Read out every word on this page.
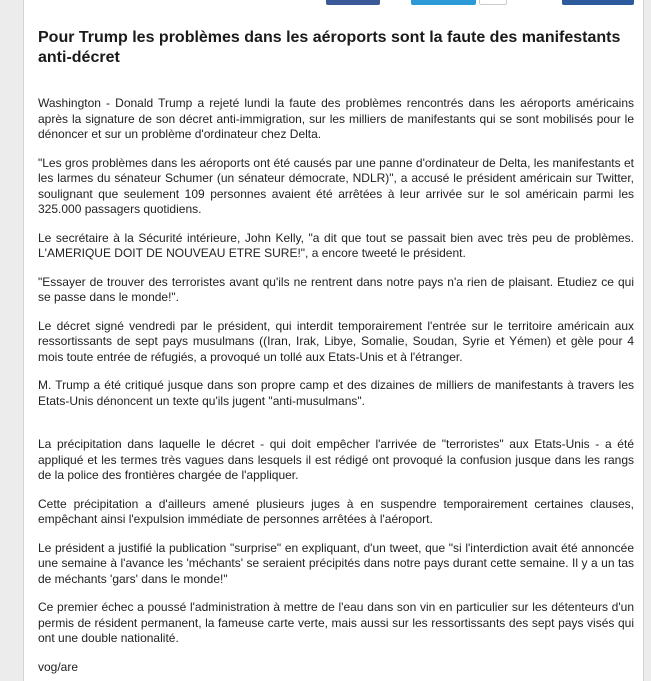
Pour Trump les problèmes dans les aéroports sont la faute des manifestants anti-décret

Washington - Donald Trump a rejeté lundi la faute des problèmes rencontrés dans les aéroports américains après la signature de son décret anti-immigration, sur les milliers de manifestants qui se sont mobilisés pour le dénoncer et sur un problème d'ordinateur chez Delta.

"Les gros problèmes dans les aéroports ont été causés par une panne d'ordinateur de Delta, les manifestants et les larmes du sénateur Schumer (un sénateur démocrate, NDLR)", a accusé le président américain sur Twitter, soulignant que seulement 109 personnes avaient été arrêtées à leur arrivée sur le sol américain parmi les 325.000 passagers quotidiens.

Le secrétaire à la Sécurité intérieure, John Kelly, "a dit que tout se passait bien avec très peu de problèmes. L'AMERIQUE DOIT DE NOUVEAU ETRE SURE!", a encore tweeté le président.

"Essayer de trouver des terroristes avant qu'ils ne rentrent dans notre pays n'a rien de plaisant. Etudiez ce qui se passe dans le monde!".

Le décret signé vendredi par le président, qui interdit temporairement l'entrée sur le territoire américain aux ressortissants de sept pays musulmans ((Iran, Irak, Libye, Somalie, Soudan, Syrie et Yémen) et gèle pour 4 mois toute entrée de réfugiés, a provoqué un tollé aux Etats-Unis et à l'étranger.

M. Trump a été critiqué jusque dans son propre camp et des dizaines de milliers de manifestants à travers les Etats-Unis dénoncent un texte qu'ils jugent "anti-musulmans".

La précipitation dans laquelle le décret - qui doit empêcher l'arrivée de "terroristes" aux Etats-Unis - a été appliqué et les termes très vagues dans lesquels il est rédigé ont provoqué la confusion jusque dans les rangs de la police des frontières chargée de l'appliquer.

Cette précipitation a d'ailleurs amené plusieurs juges à en suspendre temporairement certaines clauses, empêchant ainsi l'expulsion immédiate de personnes arrêtées à l'aéroport.

Le président a justifié la publication "surprise" en expliquant, d'un tweet, que "si l'interdiction avait été annoncée une semaine à l'avance les 'méchants' se seraient précipités dans notre pays durant cette semaine. Il y a un tas de méchants 'gars' dans le monde!"

Ce premier échec a poussé l'administration à mettre de l'eau dans son vin en particulier sur les détenteurs d'un permis de résident permanent, la fameuse carte verte, mais aussi sur les ressortissants des sept pays visés qui ont une double nationalité.

vog/are
